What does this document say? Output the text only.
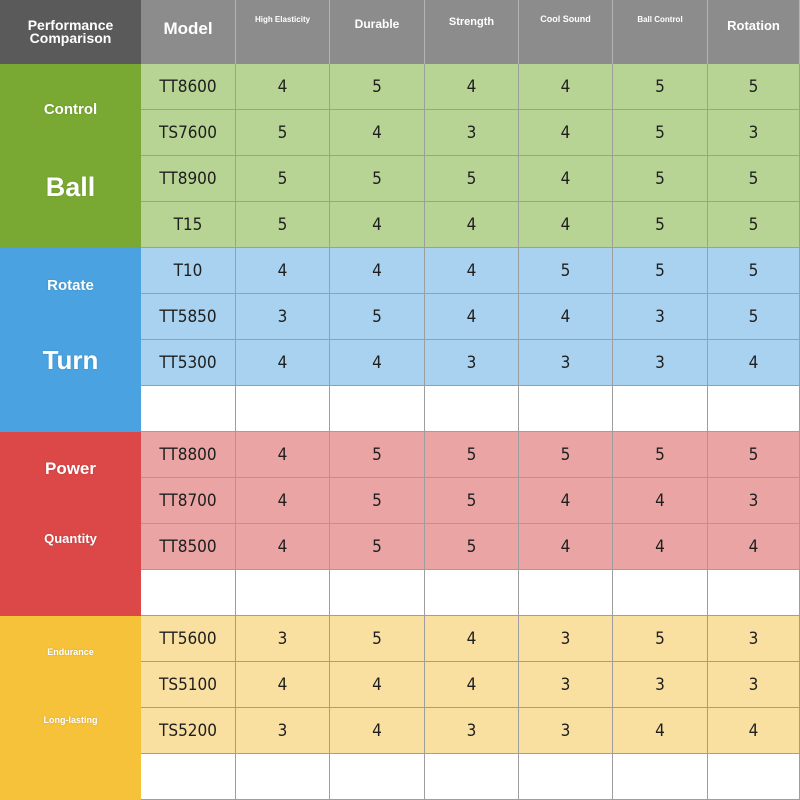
Performance
Comparison	Model	High Elasticity	Durable	Strength	Cool Sound	Ball Control	Rotation
Control
Ball
TT8600	4	5	4	4	5	5
TS7600	5	4	3	4	5	3
TT8900	5	5	5	4	5	5
T15	5	4	4	4	5	5
Rotate
Turn
T10	4	4	4	5	5	5
TT5850	3	5	4	4	3	5
TT5300	4	4	3	3	3	4
Power
Quantity
TT8800	4	5	5	5	5	5
TT8700	4	5	5	4	4	3
TT8500	4	5	5	4	4	4
Endurance
Long-lasting
TT5600	3	5	4	3	5	3
TS5100	4	4	4	3	3	3
TS5200	3	4	3	3	4	4
